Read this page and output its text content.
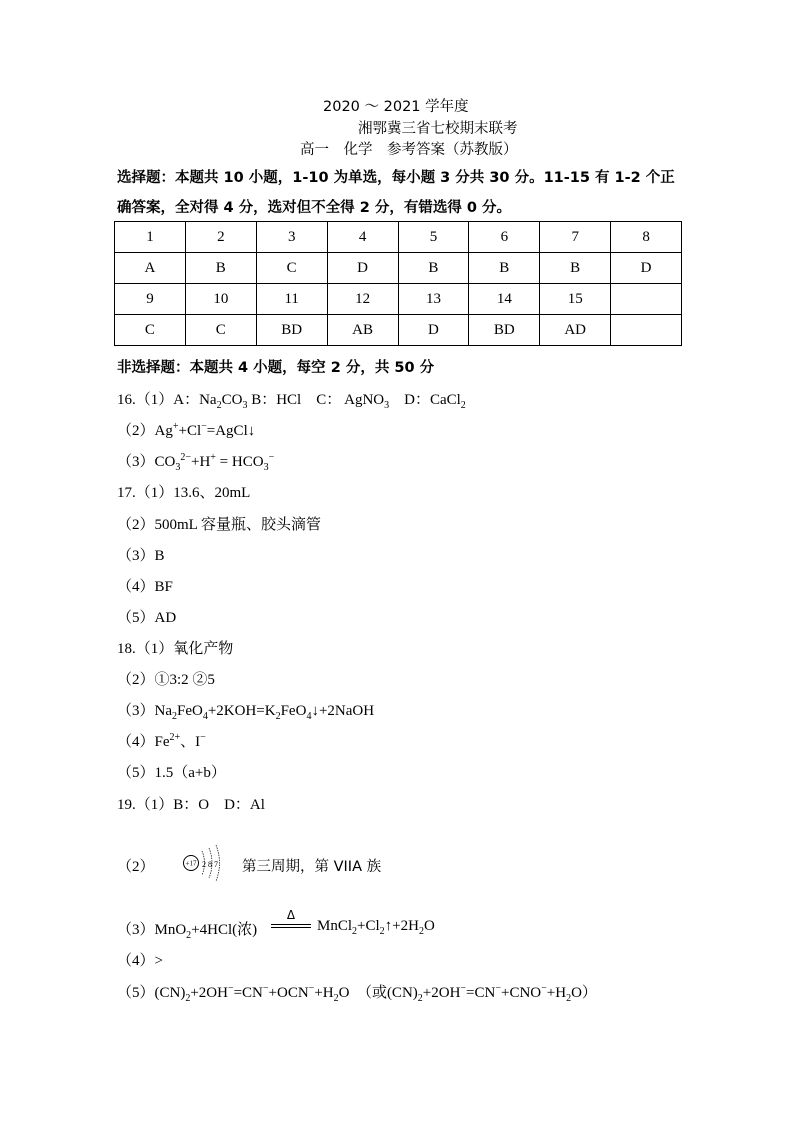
2020 ～ 2021 学年度
湘鄂冀三省七校期末联考
高一　化学　参考答案（苏教版）
选择题：本题共 10 小题，1-10 为单选，每小题 3 分共 30 分。11-15 有 1-2 个正
确答案，全对得 4 分，选对但不全得 2 分，有错选得 0 分。
1	2	3	4	5	6	7	8
A	B	C	D	B	B	B	D
9	10	11	12	13	14	15	
C	C	BD	AB	D	BD	AD	
非选择题：本题共 4 小题，每空 2 分，共 50 分
16.（1）A：$Na_2CO_3$ B：HCl　C： AgNO$_3$　D：CaCl$_2$
（2）Ag++Cl−=AgCl↓
$(3)CO_3^{2-}+H^+ = HCO_3^-$
17.（1）13.6、20mL
（2）500mL 容量瓶、胶头滴管
（3）B
（4）BF
（5）AD
18.（1）氧化产物
（2）①3:2 ②5
$(3)Na_2FeO_4+2KOH=K_2FeO_4↓+2NaOH$
$(4)Fe^{2+}$、I−
（5）1.5（a+b）
19.（1）B：O　D：Al
（2）	+17 2 8 7 第三周期，第 VIIA 族
（3）MnO$_2$+4HCl(浓)
Δ
$MnCl_2+Cl_2↑+2H_2O$
（4）>
$(5)(CN)_2+2OH^-=CN^-+OCN^-+H_2O$　（或$(CN)_2+2OH^-=CN^-+CNO^-+H_2O$）
